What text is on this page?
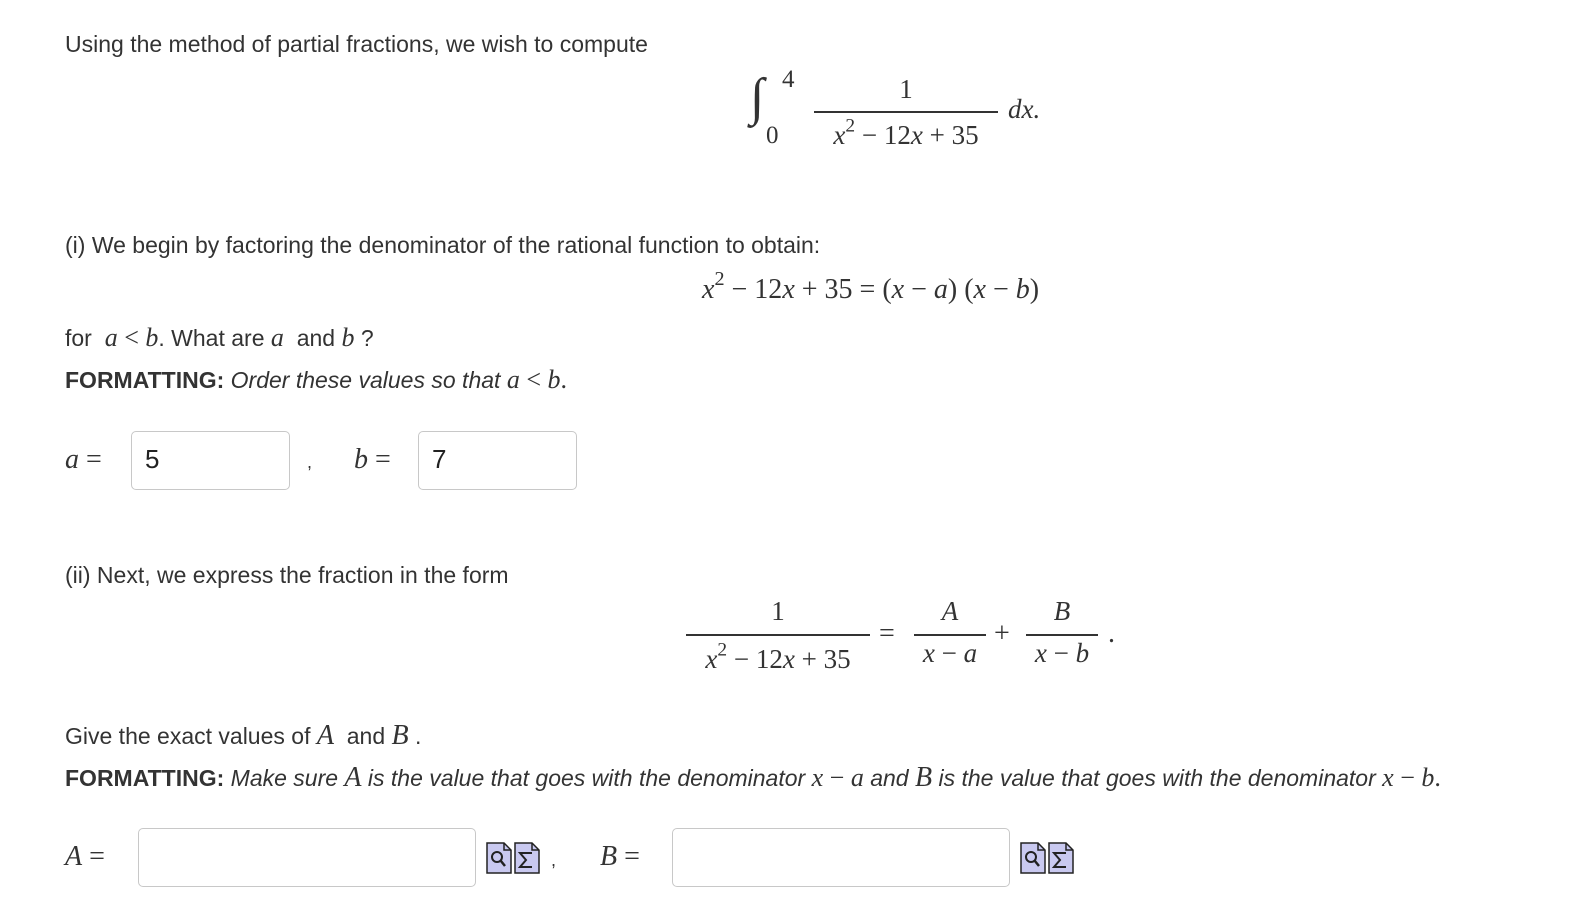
Using the method of partial fractions, we wish to compute
∫ 4
0
1
$x^2 - 12x + 35$
dx.
(i) We begin by factoring the denominator of the rational function to obtain:
$x^2 - 12x + 35 = (x - a) (x - b)$
for  a < b. What are a and b ?
FORMATTING: Order these values so that a < b.
a =	5	, b =	7
(ii) Next, we express the fraction in the form
1
$x^2 - 12x + 35$
=
A
x − a
+
B
x − b
.
Give the exact values of A and B .
FORMATTING: Make sure A is the value that goes with the denominator x − a and B is the value that goes with the denominator x − b.
A =	, B =
